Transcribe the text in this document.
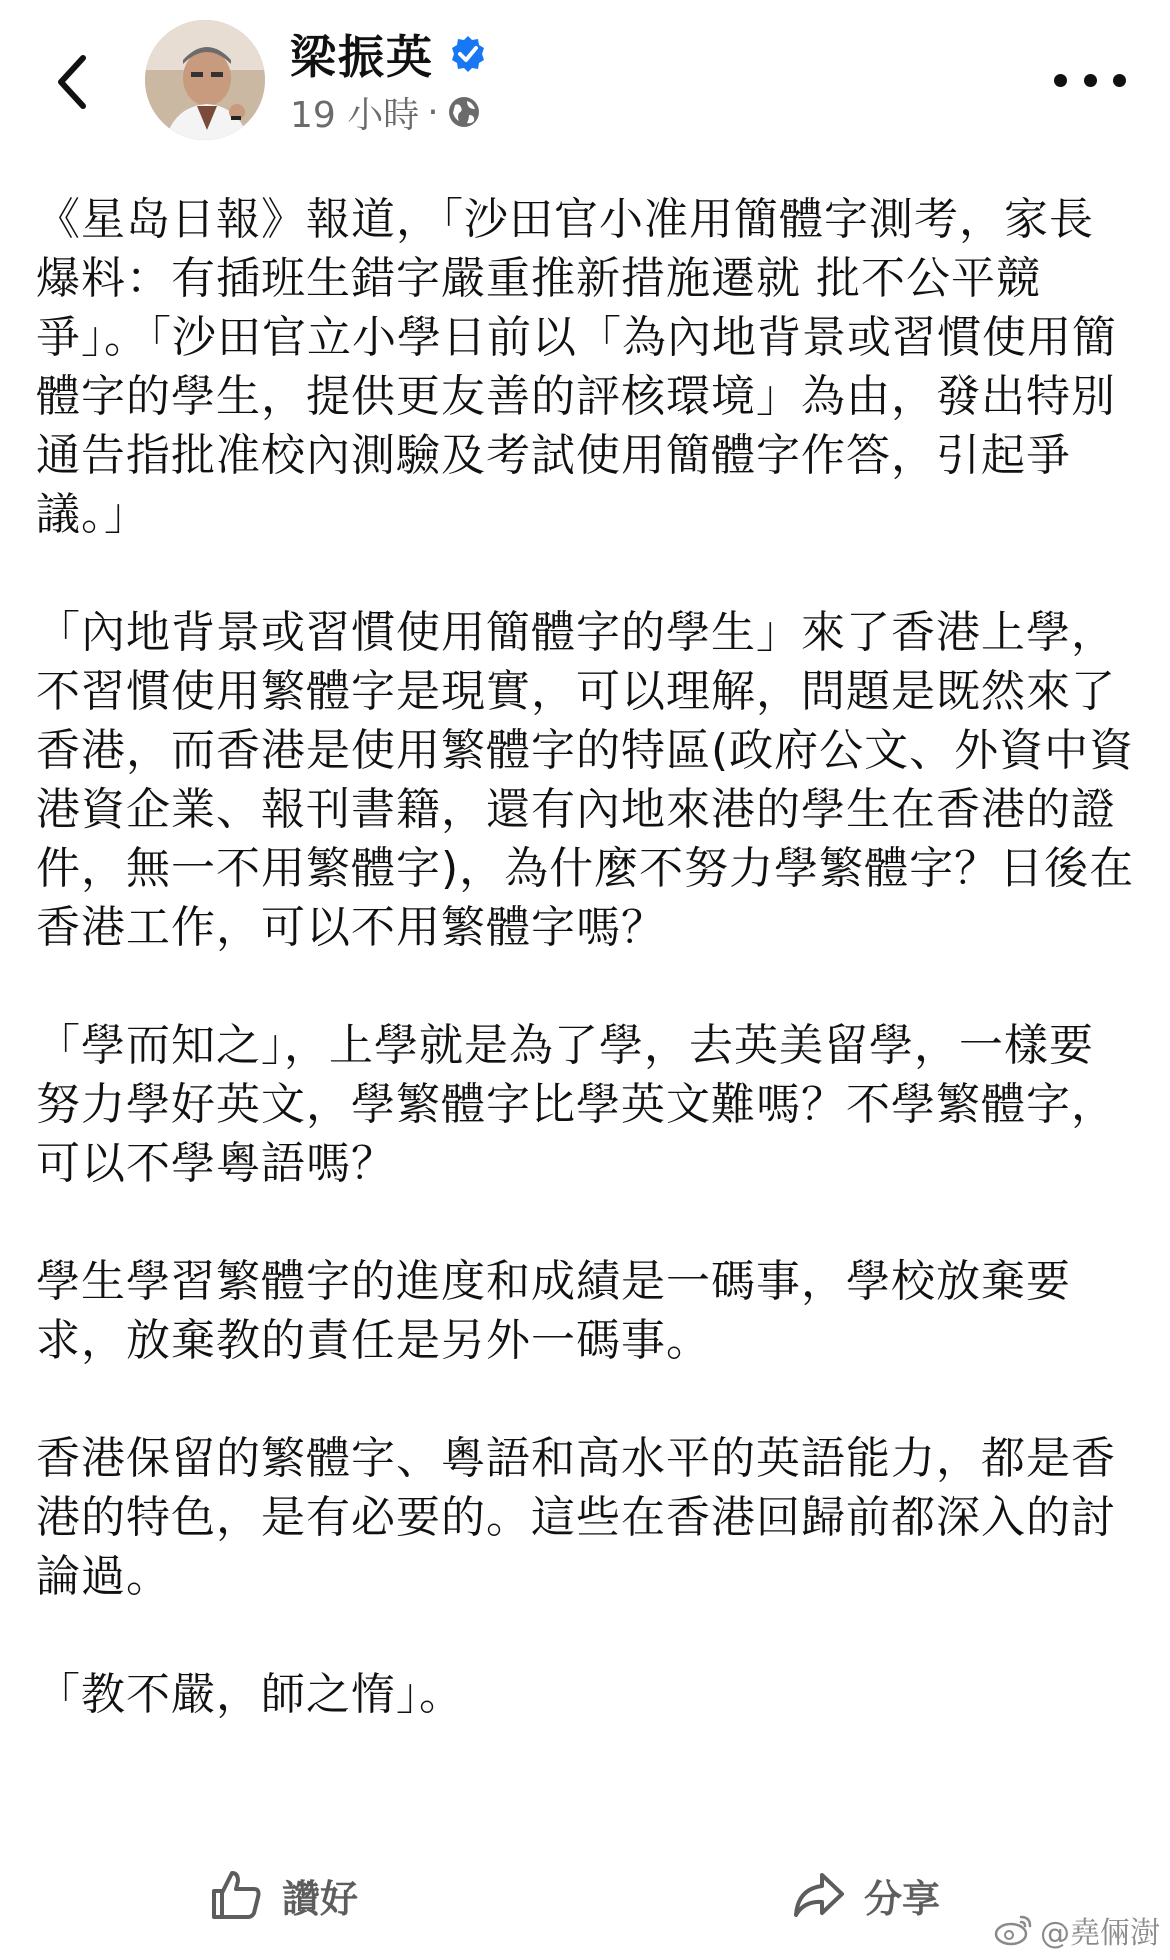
梁振英
19 小時 ·

《星岛日報》報道，「沙田官小准用簡體字測考，家長爆料：有插班生錯字嚴重推新措施遷就 批不公平競爭」。「沙田官立小學日前以「為內地背景或習慣使用簡體字的學生，提供更友善的評核環境」為由，發出特別通告指批准校內測驗及考試使用簡體字作答，引起爭議。」

「內地背景或習慣使用簡體字的學生」來了香港上學，不習慣使用繁體字是現實，可以理解，問題是既然來了香港，而香港是使用繁體字的特區(政府公文、外資中資港資企業、報刊書籍，還有內地來港的學生在香港的證件，無一不用繁體字)，為什麼不努力學繁體字？日後在香港工作，可以不用繁體字嗎？

「學而知之」，上學就是為了學，去英美留學，一樣要努力學好英文，學繁體字比學英文難嗎？不學繁體字，可以不學粵語嗎？

學生學習繁體字的進度和成績是一碼事，學校放棄要求，放棄教的責任是另外一碼事。

香港保留的繁體字、粵語和高水平的英語能力，都是香港的特色，是有必要的。這些在香港回歸前都深入的討論過。

「教不嚴，師之惰」。

讚好	分享
@堯倆澍
